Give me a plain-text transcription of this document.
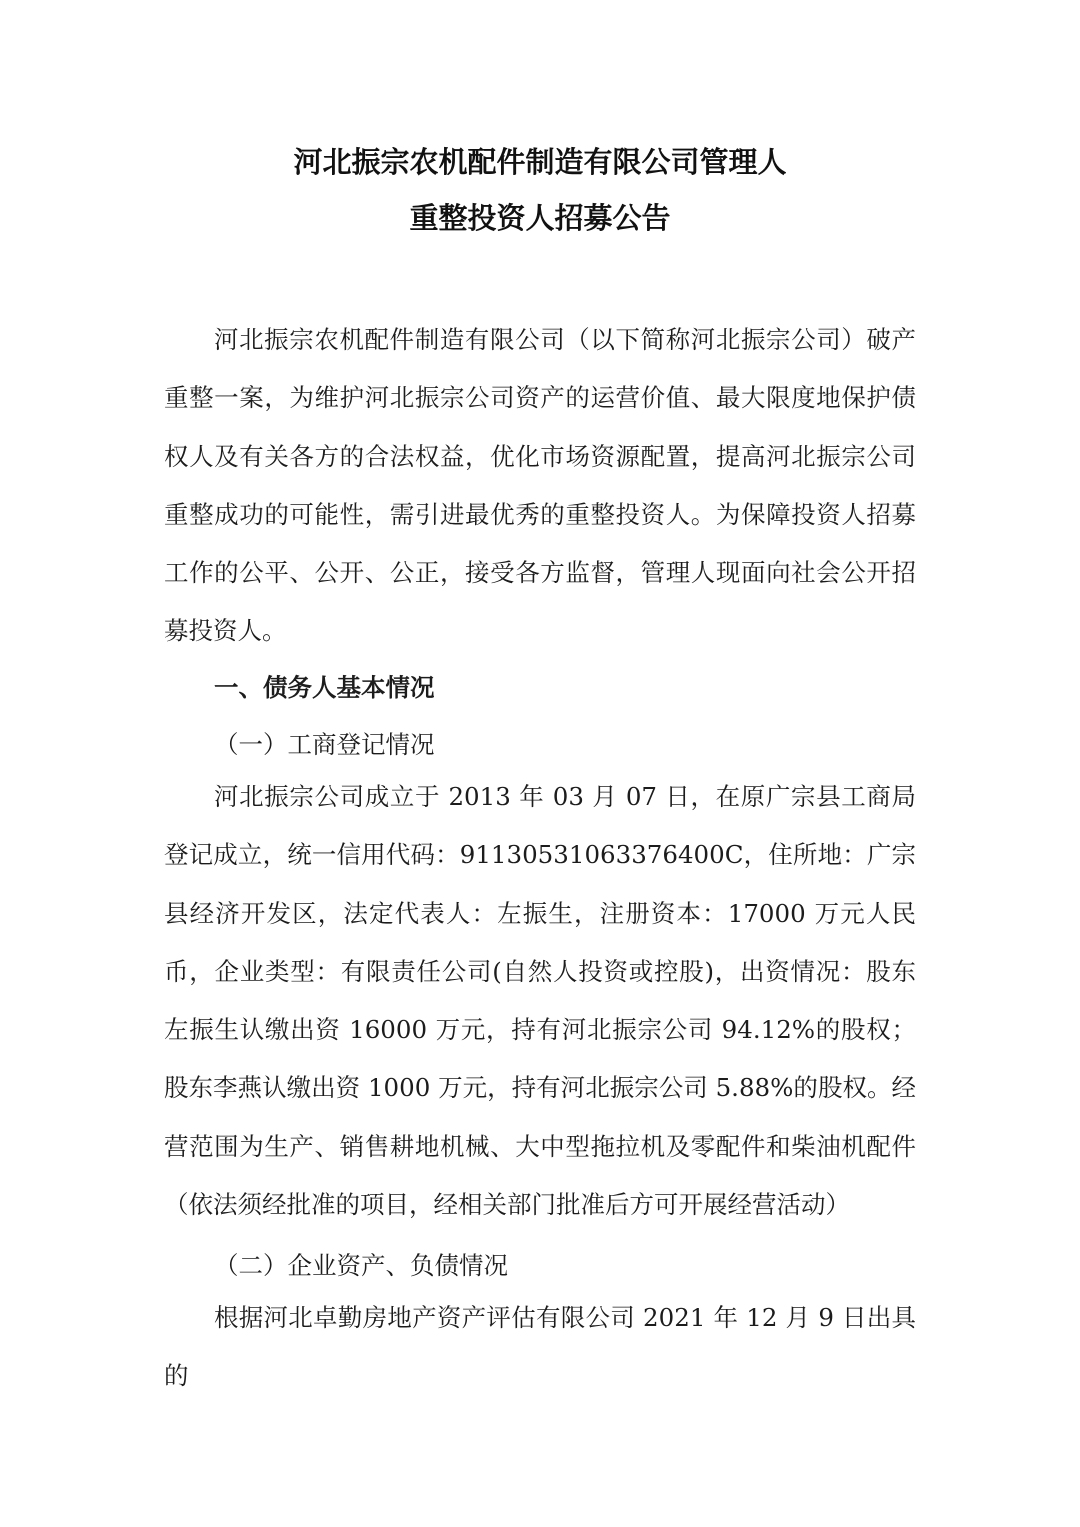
河北振宗农机配件制造有限公司管理人
重整投资人招募公告

河北振宗农机配件制造有限公司（以下简称河北振宗公司）破产重整一案，为维护河北振宗公司资产的运营价值、最大限度地保护债权人及有关各方的合法权益，优化市场资源配置，提高河北振宗公司重整成功的可能性，需引进最优秀的重整投资人。为保障投资人招募工作的公平、公开、公正，接受各方监督，管理人现面向社会公开招募投资人。

一、债务人基本情况
（一）工商登记情况

河北振宗公司成立于 2013 年 03 月 07 日，在原广宗县工商局登记成立，统一信用代码：91130531063376400C，住所地：广宗县经济开发区，法定代表人：左振生，注册资本：17000 万元人民币，企业类型：有限责任公司(自然人投资或控股)，出资情况：股东左振生认缴出资 16000 万元，持有河北振宗公司 94.12%的股权；股东李燕认缴出资 1000 万元，持有河北振宗公司 5.88%的股权。经营范围为生产、销售耕地机械、大中型拖拉机及零配件和柴油机配件（依法须经批准的项目，经相关部门批准后方可开展经营活动）

（二）企业资产、负债情况

根据河北卓勤房地产资产评估有限公司 2021 年 12 月 9 日出具的
